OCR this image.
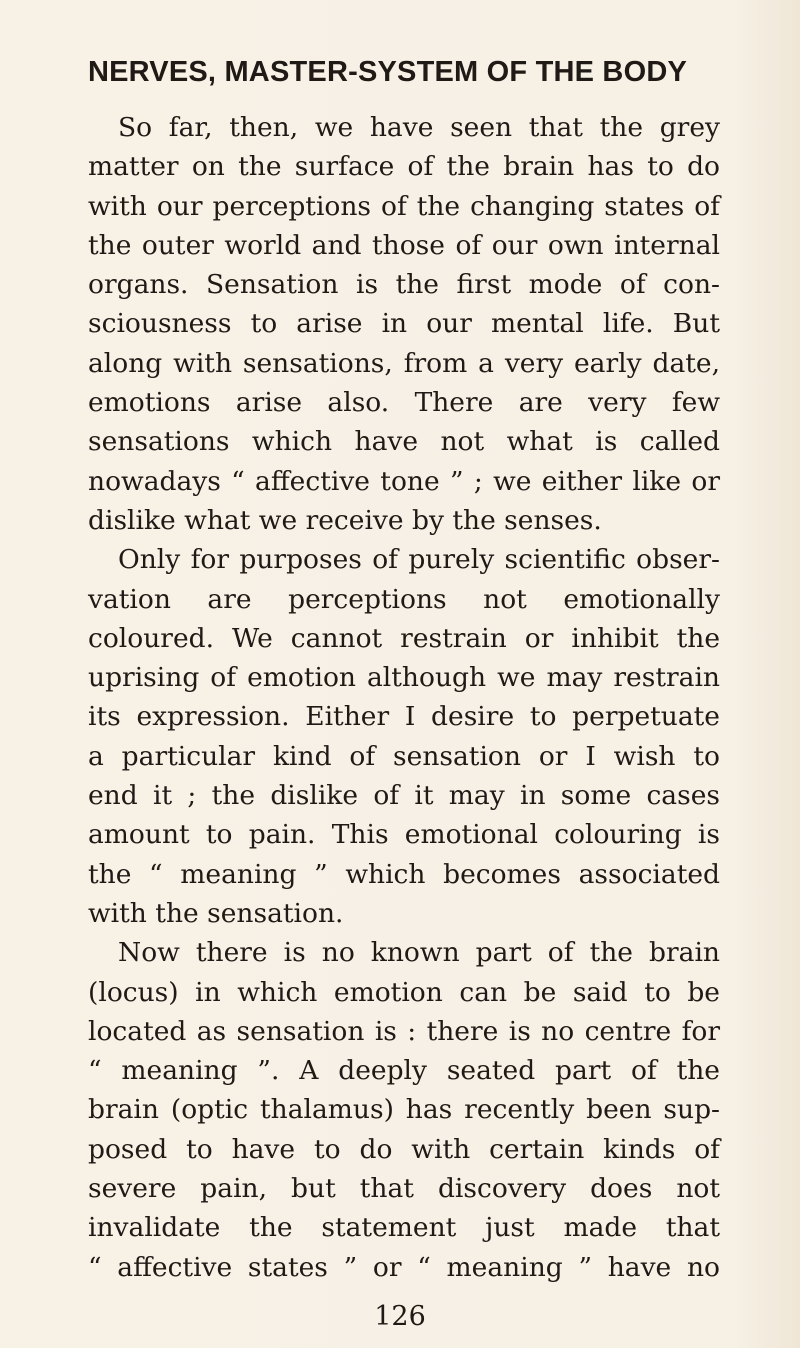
NERVES, MASTER-SYSTEM OF THE BODY
So far, then, we have seen that the grey
matter on the surface of the brain has to do
with our perceptions of the changing states of
the outer world and those of our own internal
organs. Sensation is the first mode of con-
sciousness to arise in our mental life. But
along with sensations, from a very early date,
emotions arise also. There are very few
sensations which have not what is called
nowadays “ affective tone ” ; we either like or
dislike what we receive by the senses.
Only for purposes of purely scientific obser-
vation are perceptions not emotionally
coloured. We cannot restrain or inhibit the
uprising of emotion although we may restrain
its expression. Either I desire to perpetuate
a particular kind of sensation or I wish to
end it ; the dislike of it may in some cases
amount to pain. This emotional colouring is
the “ meaning ” which becomes associated
with the sensation.
Now there is no known part of the brain
(locus) in which emotion can be said to be
located as sensation is : there is no centre for
“ meaning ”. A deeply seated part of the
brain (optic thalamus) has recently been sup-
posed to have to do with certain kinds of
severe pain, but that discovery does not
invalidate the statement just made that
“ affective states ” or “ meaning ” have no
126
